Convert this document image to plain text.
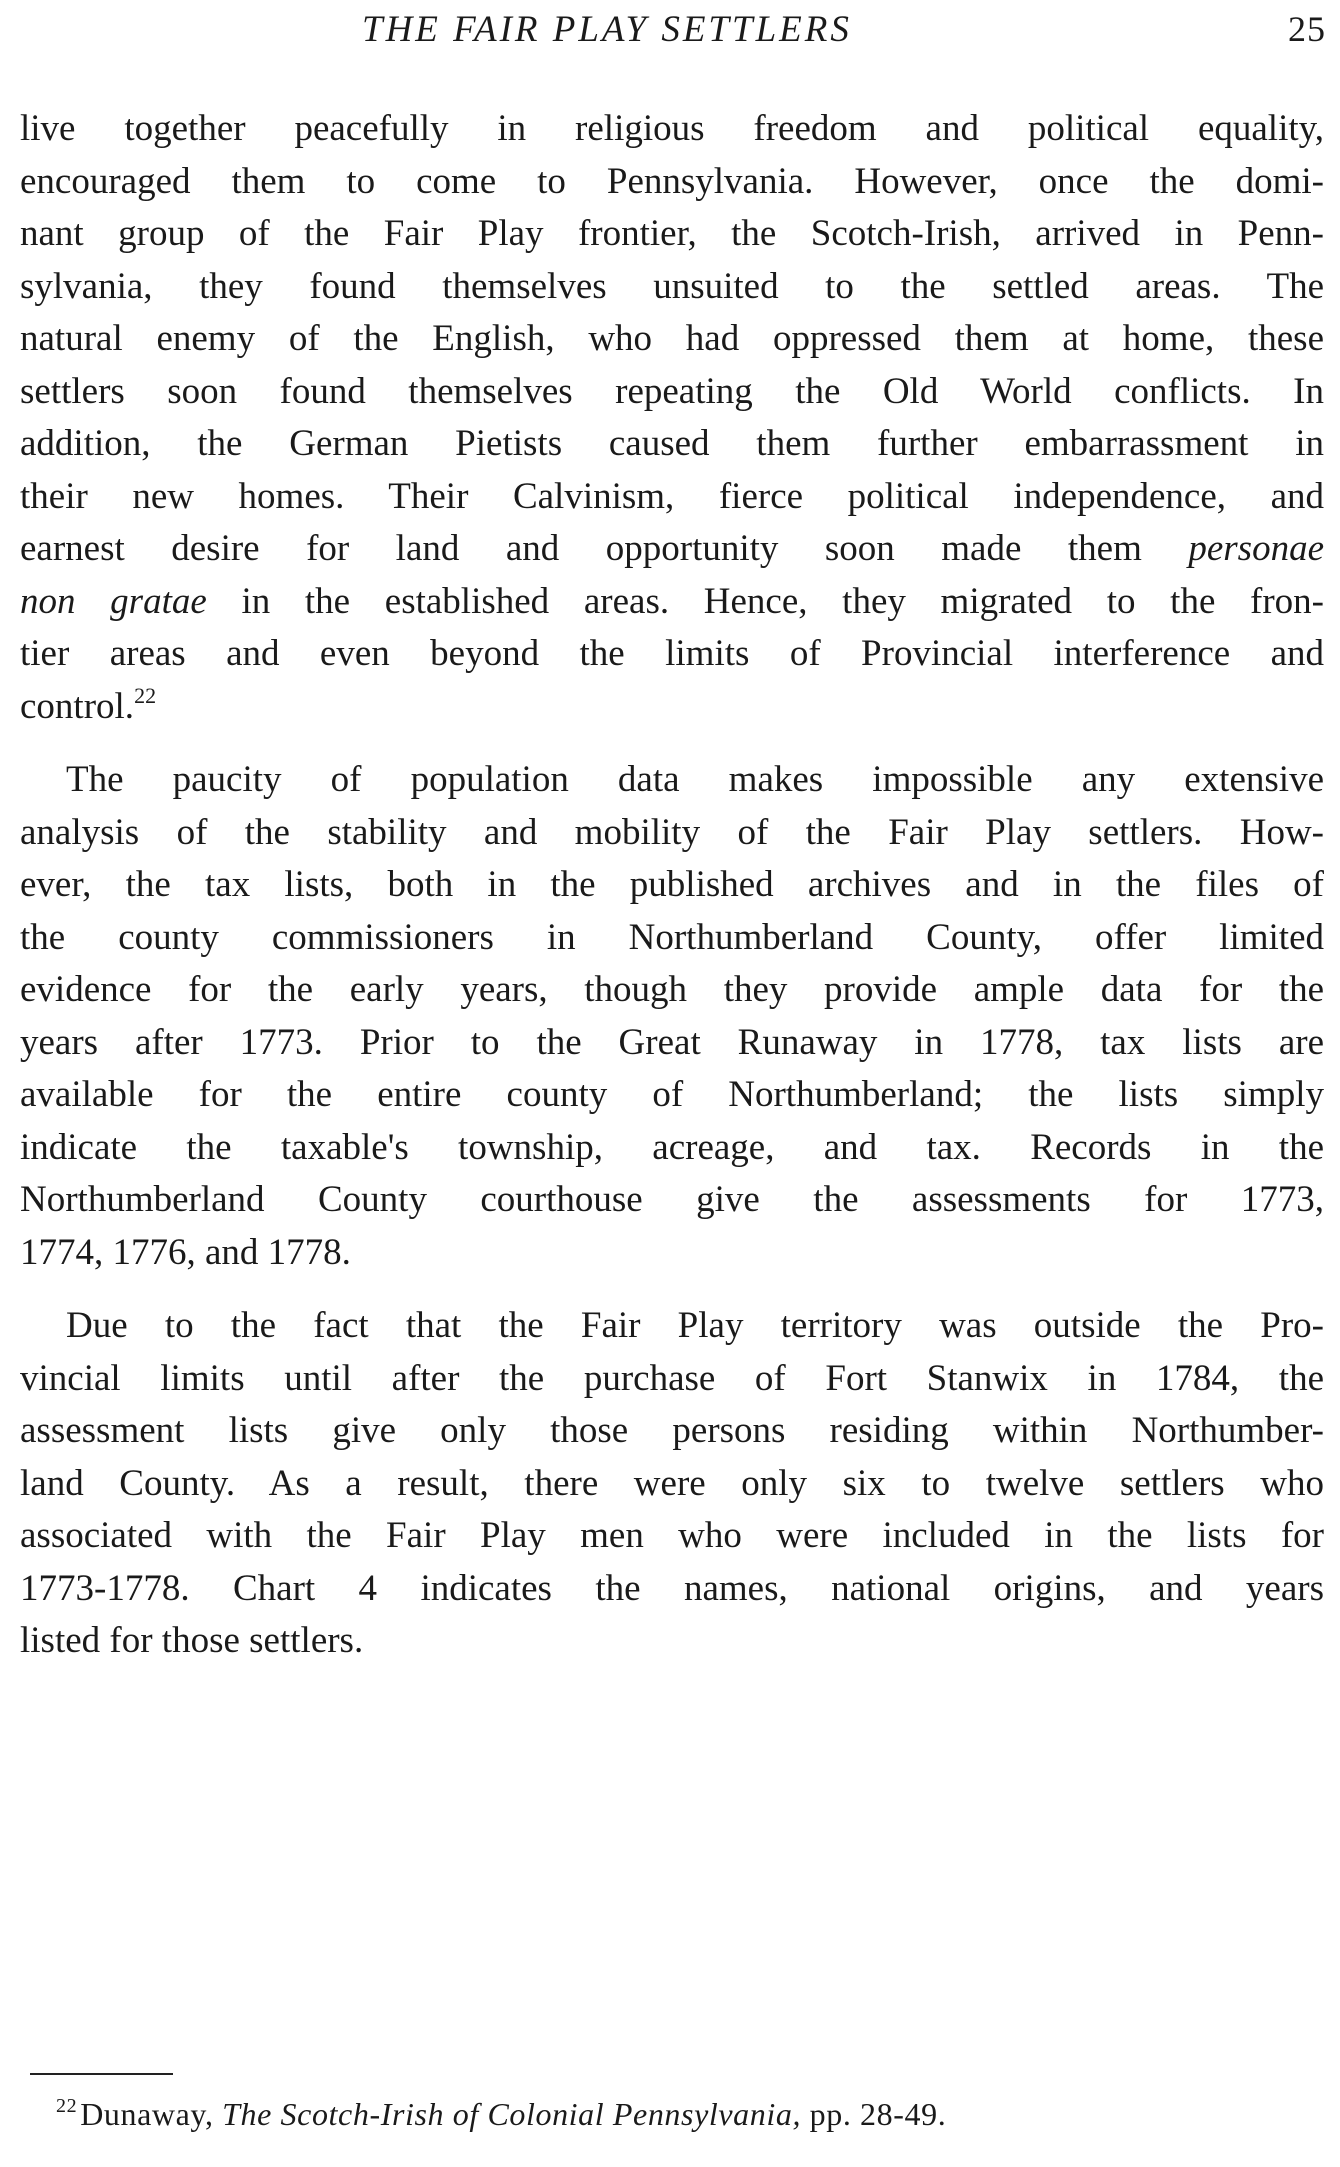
THE FAIR PLAY SETTLERS	25

live together peacefully in religious freedom and political equality,
encouraged them to come to Pennsylvania. However, once the domi-
nant group of the Fair Play frontier, the Scotch-Irish, arrived in Penn-
sylvania, they found themselves unsuited to the settled areas. The
natural enemy of the English, who had oppressed them at home, these
settlers soon found themselves repeating the Old World conflicts. In
addition, the German Pietists caused them further embarrassment in
their new homes. Their Calvinism, fierce political independence, and
earnest desire for land and opportunity soon made them personae
non gratae in the established areas. Hence, they migrated to the fron-
tier areas and even beyond the limits of Provincial interference and
control.$^{22}$

The paucity of population data makes impossible any extensive
analysis of the stability and mobility of the Fair Play settlers. How-
ever, the tax lists, both in the published archives and in the files of
the county commissioners in Northumberland County, offer limited
evidence for the early years, though they provide ample data for the
years after 1773. Prior to the Great Runaway in 1778, tax lists are
available for the entire county of Northumberland; the lists simply
indicate the taxable's township, acreage, and tax. Records in the
Northumberland County courthouse give the assessments for 1773,
1774, 1776, and 1778.

Due to the fact that the Fair Play territory was outside the Pro-
vincial limits until after the purchase of Fort Stanwix in 1784, the
assessment lists give only those persons residing within Northumber-
land County. As a result, there were only six to twelve settlers who
associated with the Fair Play men who were included in the lists for
1773-1778. Chart 4 indicates the names, national origins, and years
listed for those settlers.

$^{22}$Dunaway, The Scotch-Irish of Colonial Pennsylvania, pp. 28-49.
